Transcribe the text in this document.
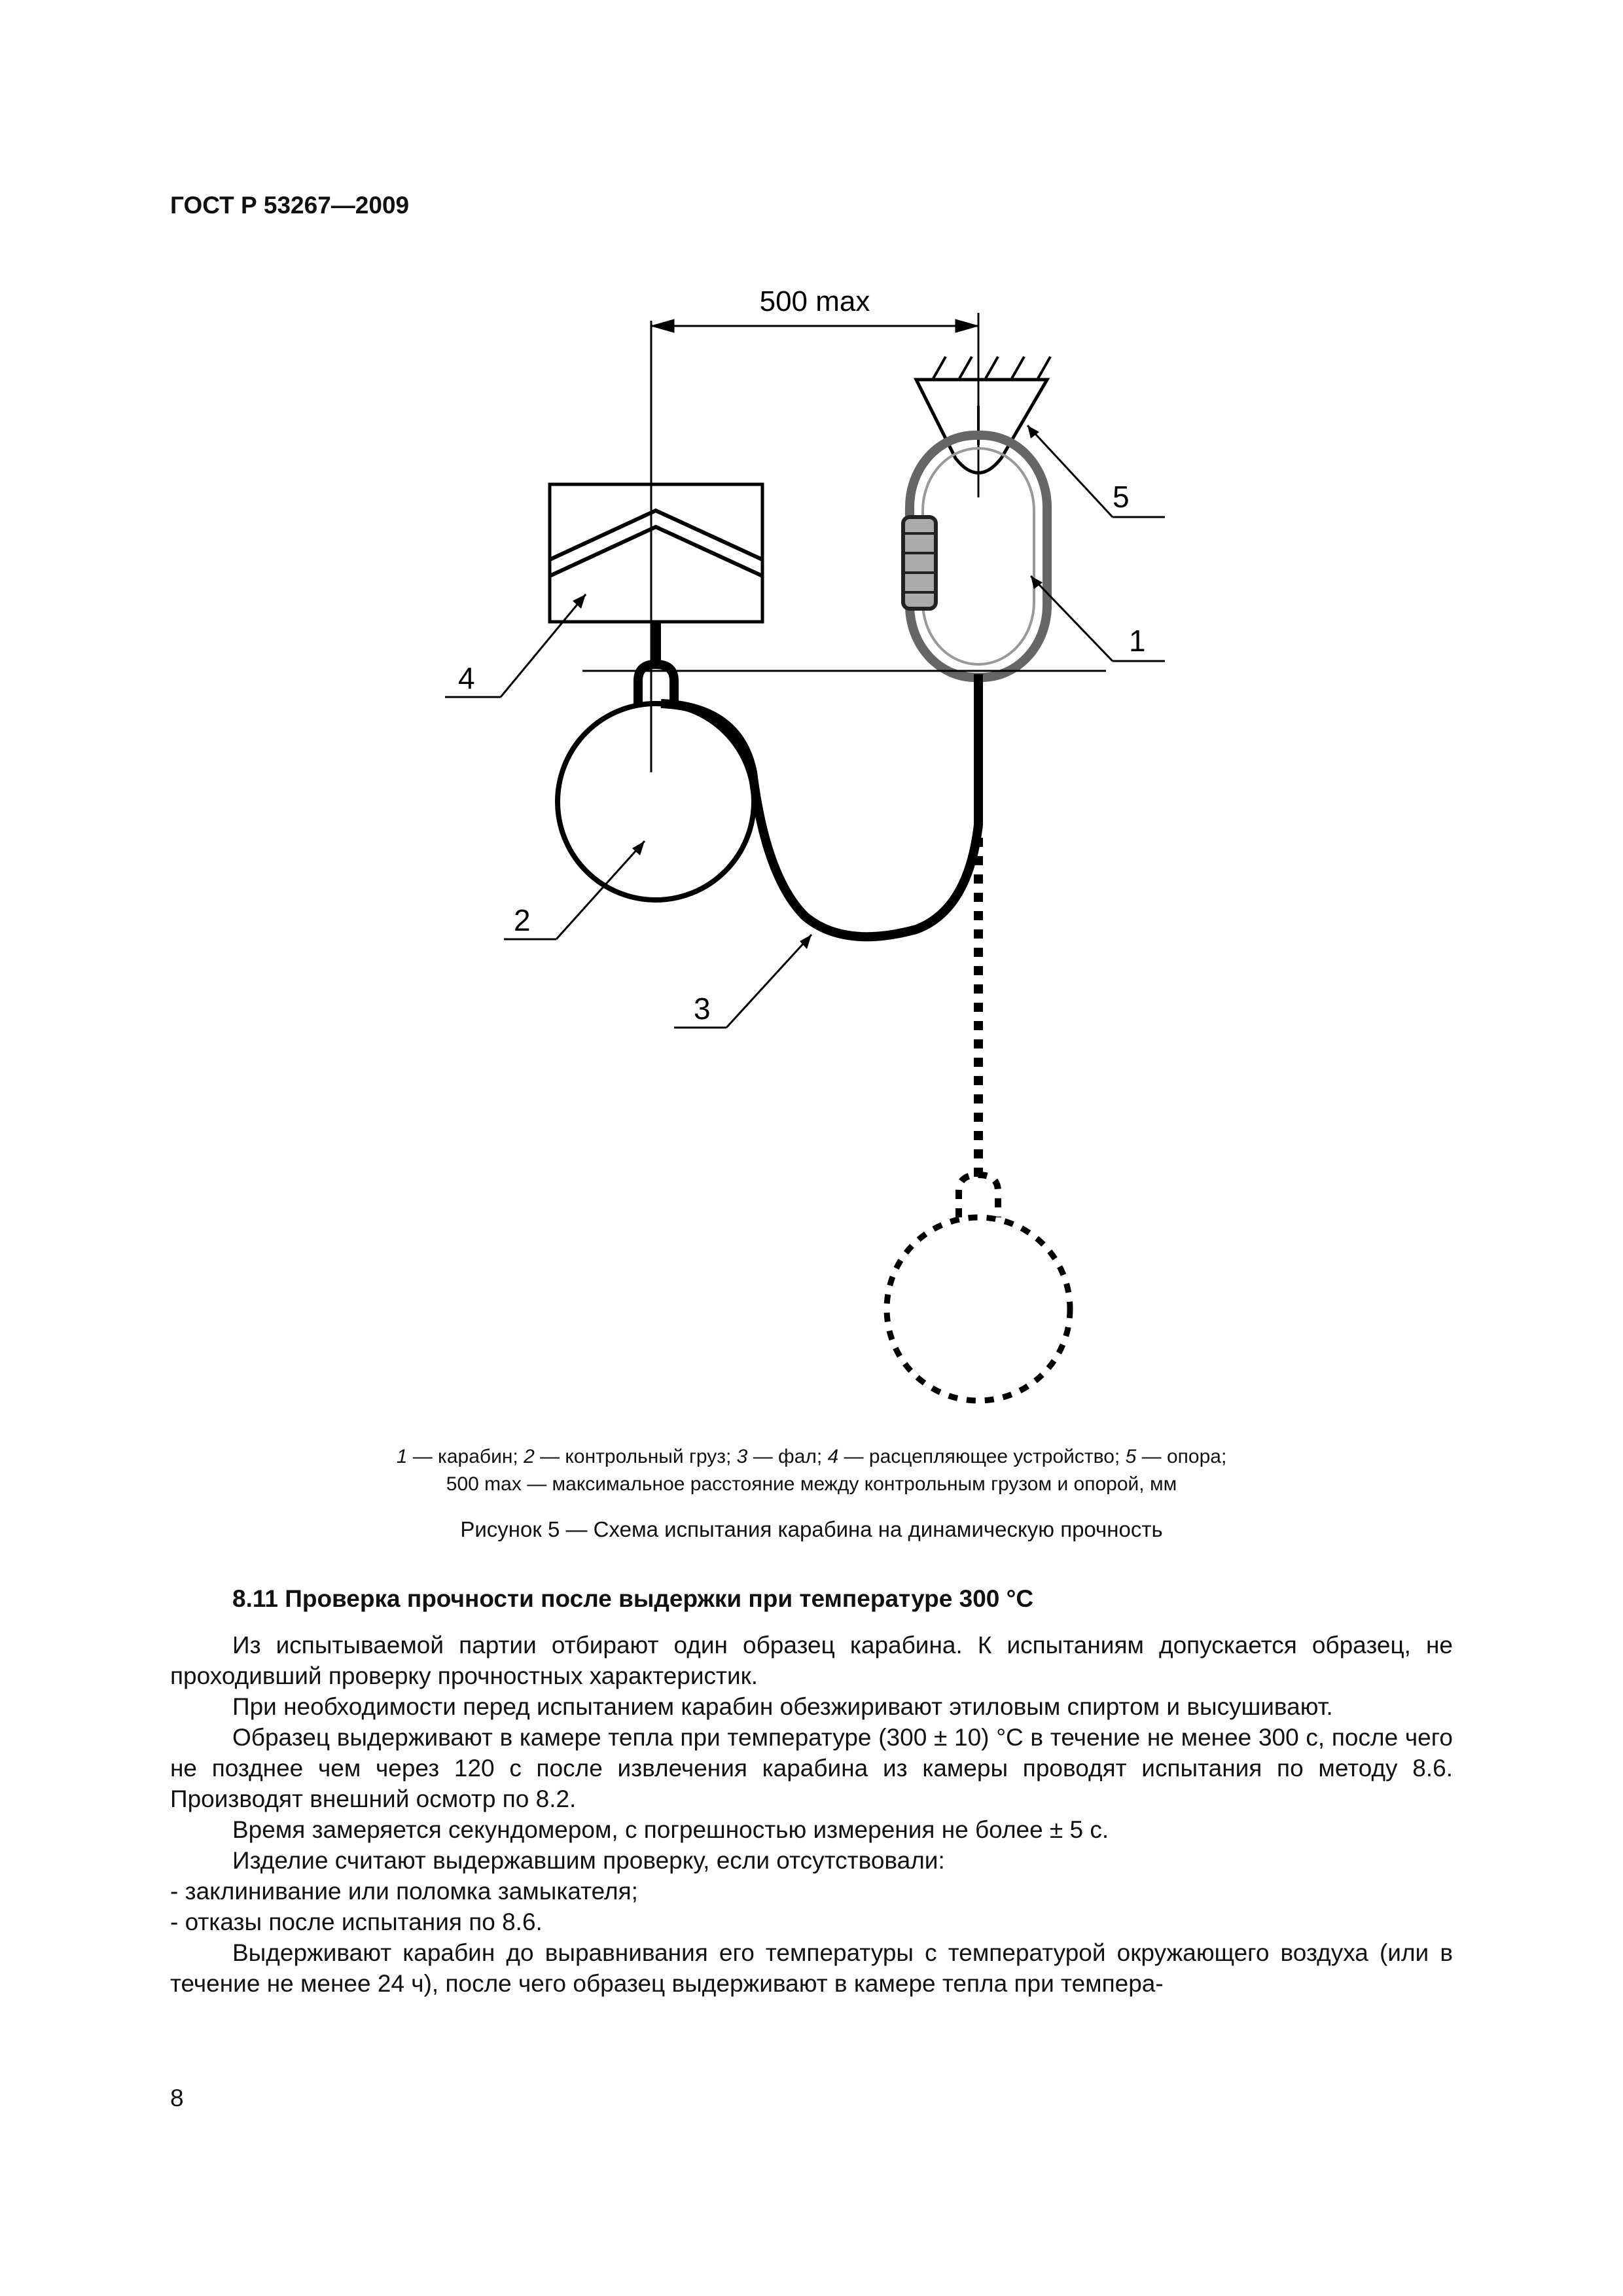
ГОСТ Р 53267—2009
500 max
5
1
4
2
3
1 — карабин; 2 — контрольный груз; 3 — фал; 4 — расцепляющее устройство; 5 — опора;
500 max — максимальное расстояние между контрольным грузом и опорой, мм
Рисунок 5 — Схема испытания карабина на динамическую прочность
8.11 Проверка прочности после выдержки при температуре 300 °С

Из испытываемой партии отбирают один образец карабина. К испытаниям допускается образец, не проходивший проверку прочностных характеристик.

При необходимости перед испытанием карабин обезжиривают этиловым спиртом и высушивают.

Образец выдерживают в камере тепла при температуре (300 ± 10) °С в течение не менее 300 с, после чего не позднее чем через 120 с после извлечения карабина из камеры проводят испытания по методу 8.6. Производят внешний осмотр по 8.2.

Время замеряется секундомером, с погрешностью измерения не более ± 5 с.

Изделие считают выдержавшим проверку, если отсутствовали:

- заклинивание или поломка замыкателя;

- отказы после испытания по 8.6.

Выдерживают карабин до выравнивания его температуры с температурой окружающего воздуха (или в течение не менее 24 ч), после чего образец выдерживают в камере тепла при темпера-

8
